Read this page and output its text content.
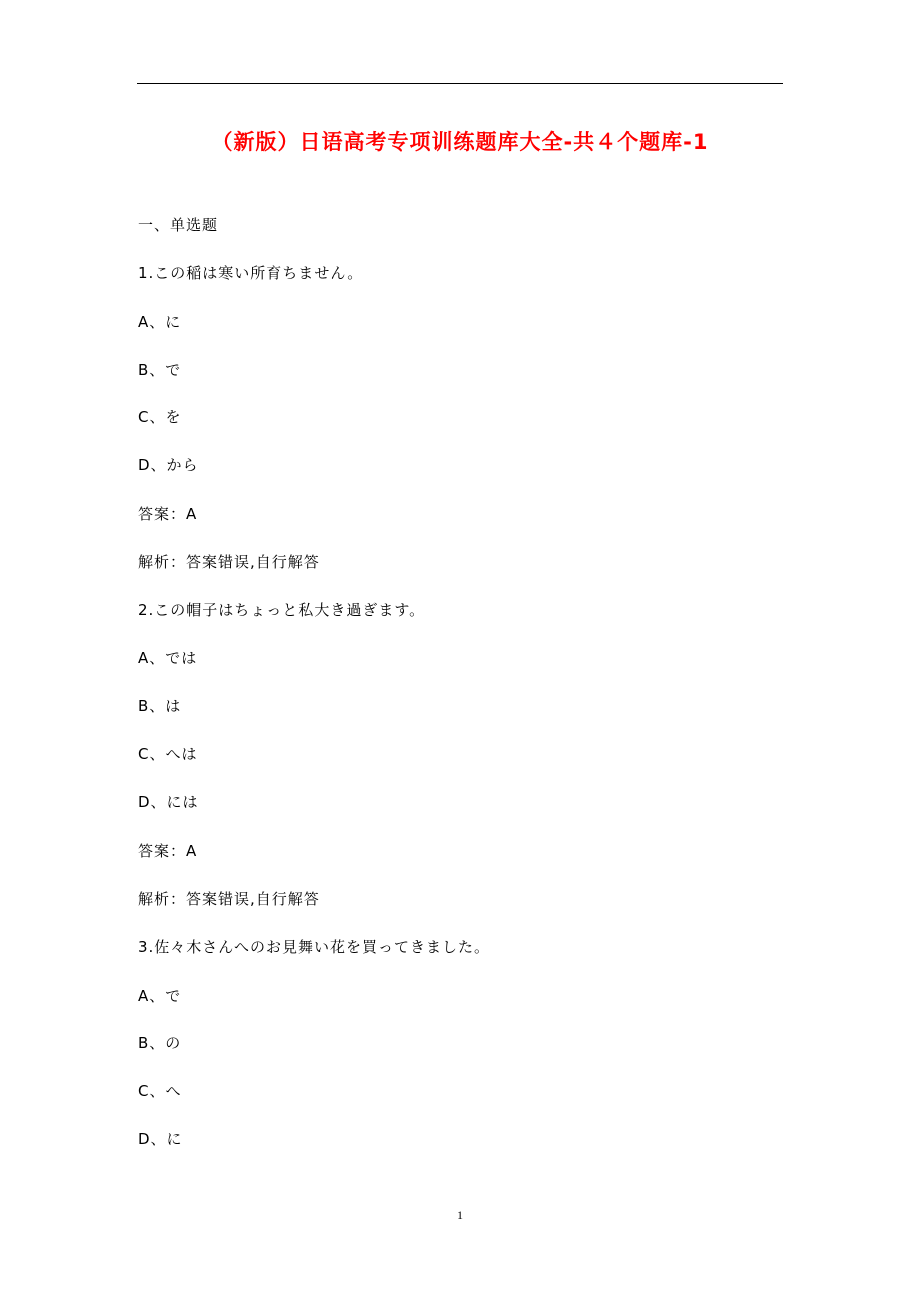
（新版）日语高考专项训练题库大全-共４个题库-1
一、单选题
1.この稲は寒い所育ちません。
A、に
B、で
C、を
D、から
答案：A
解析：答案错误,自行解答
2.この帽子はちょっと私大き過ぎます。
A、では
B、は
C、へは
D、には
答案：A
解析：答案错误,自行解答
3.佐々木さんへのお見舞い花を買ってきました。
A、で
B、の
C、へ
D、に
1
